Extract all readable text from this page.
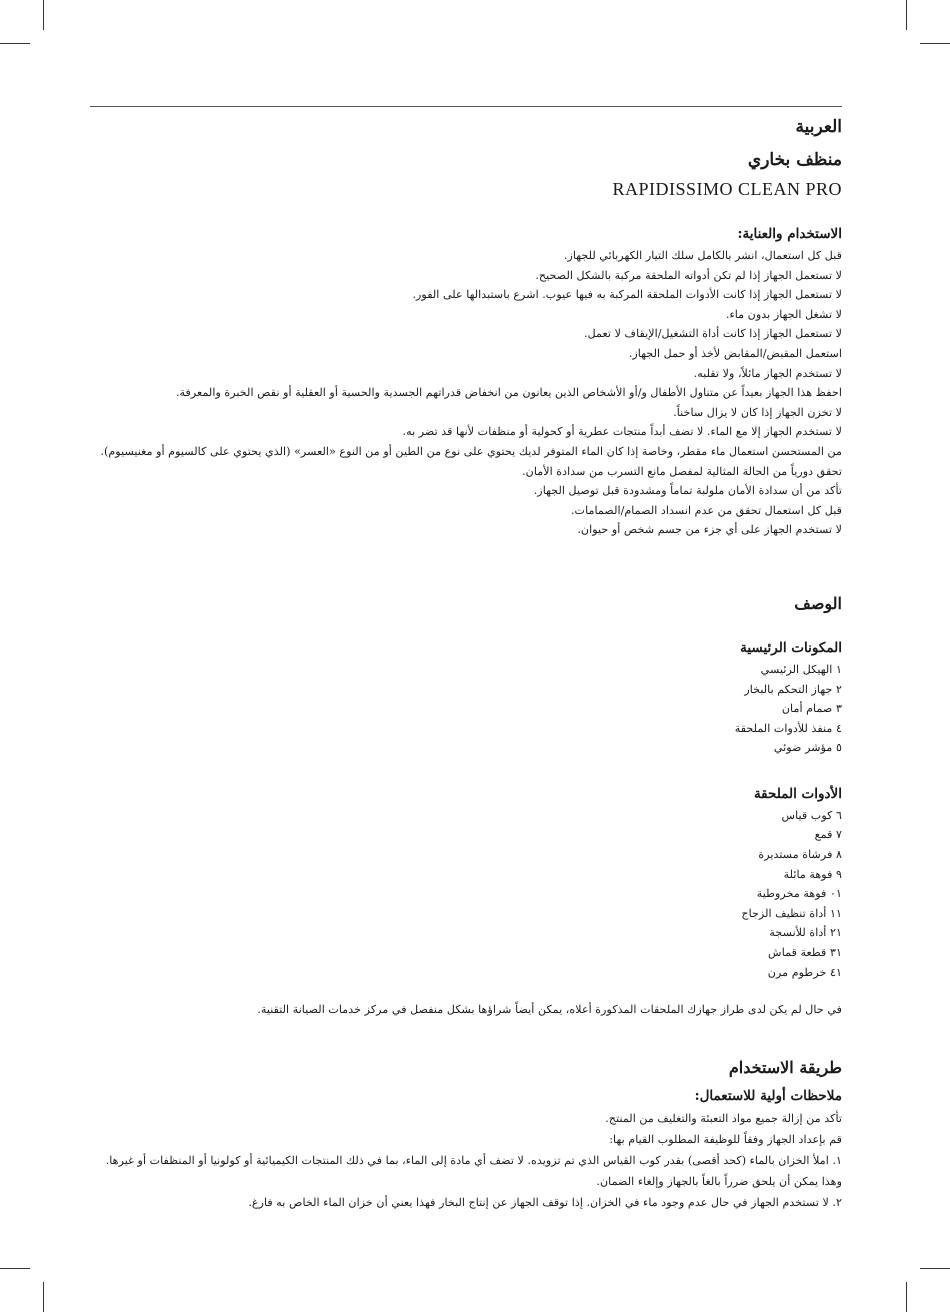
العربية
منظف بخاري
RAPIDISSIMO CLEAN PRO
الاستخدام والعناية:

قبل كل استعمال، انشر بالكامل سلك التيار الكهربائي للجهاز.

لا تستعمل الجهاز إذا لم تكن أدواته الملحقة مركبة بالشكل الصحيح.

لا تستعمل الجهاز إذا كانت الأدوات الملحقة المركبة به فيها عيوب. اشرع باستبدالها على الفور.

لا تشغل الجهاز بدون ماء.

لا تستعمل الجهاز إذا كانت أداة التشغيل/الإيقاف لا تعمل.

استعمل المقبض/المقابض لأخذ أو حمل الجهاز.

لا تستخدم الجهاز مائلاً، ولا تقلبه.

احفظ هذا الجهاز بعيداً عن متناول الأطفال و/أو الأشخاص الذين يعانون من انخفاض قدراتهم الجسدية والحسية أو العقلية أو نقص الخبرة والمعرفة.

لا تخزن الجهاز إذا كان لا يزال ساخناً.

لا تستخدم الجهاز إلا مع الماء. لا تضف أبداً منتجات عطرية أو كحولية أو منظفات لأنها قد تضر به.

من المستحسن استعمال ماء مقطر، وخاصة إذا كان الماء المتوفر لديك يحتوي على نوع من الطين أو من النوع «العسر» (الذي يحتوي على كالسيوم أو مغنيسيوم).

تحقق دورياً من الحالة المثالية لمفصل مانع التسرب من سدادة الأمان.

تأكد من أن سدادة الأمان ملولبة تماماً ومشدودة قبل توصيل الجهاز.

قبل كل استعمال تحقق من عدم انسداد الصمام/الصمامات.

لا تستخدم الجهاز على أي جزء من جسم شخص أو حيوان.

الوصف
المكونات الرئيسية
١ الهيكل الرئيسي
٢ جهاز التحكم بالبخار
٣ صمام أمان
٤ منفذ للأدوات الملحقة
٥ مؤشر ضوئي
الأدوات الملحقة
٦ كوب قياس
٧ قمع
٨ فرشاة مستديرة
٩ فوهة مائلة
٠١ فوهة مخروطية
١١ أداة تنظيف الزجاج
٢١ أداة للأنسجة
٣١ قطعة قماش
٤١ خرطوم مرن

في حال لم يكن لدى طراز جهازك الملحقات المذكورة أعلاه، يمكن أيضاً شراؤها بشكل منفصل في مركز خدمات الصيانة التقنية.

طريقة الاستخدام
ملاحظات أولية للاستعمال:

تأكد من إزالة جميع مواد التعبئة والتغليف من المنتج.

قم بإعداد الجهاز وفقاً للوظيفة المطلوب القيام بها:

١. املأ الخزان بالماء (كحد أقصى) بقدر كوب القياس الذي تم تزويده. لا تضف أي مادة إلى الماء، بما في ذلك المنتجات الكيميائية أو كولونيا أو المنظفات أو غيرها. وهذا يمكن أن يلحق ضرراً بالغاً بالجهاز وإلغاء الضمان.

٢. لا تستخدم الجهاز في حال عدم وجود ماء في الخزان. إذا توقف الجهاز عن إنتاج البخار فهذا يعني أن خزان الماء الخاص به فارغ.
